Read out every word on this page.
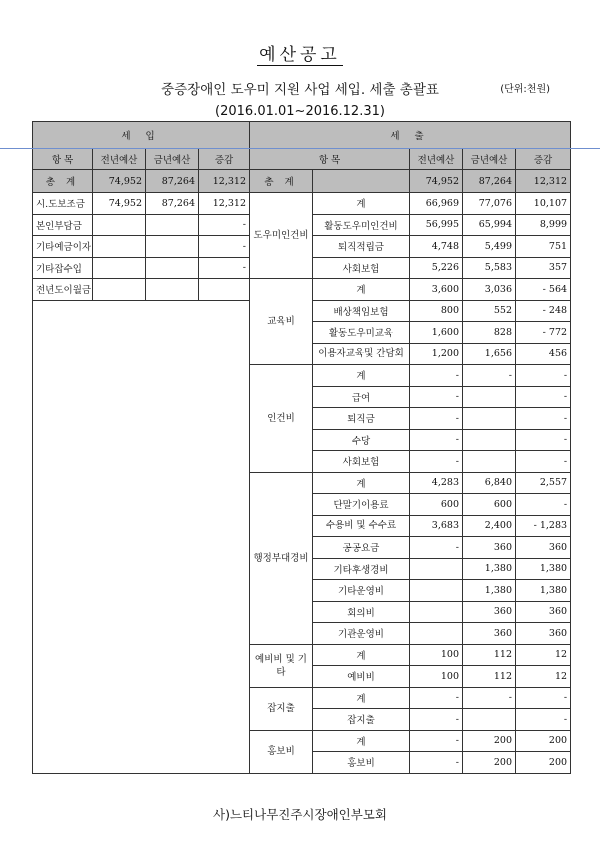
예산공고
중증장애인 도우미 지원 사업 세입. 세출 총괄표	(단위:천원)
(2016.01.01~2016.12.31)
세 입				세 출				
항 목	전년예산	금년예산	증감	항 목		전년예산	금년예산	증감
총 계	74,952	87,264	12,312	총 계		74,952	87,264	12,312
시.도보조금	74,952	87,264	12,312	도우미인건비	계	66,969	77,076	10,107
본인부담금			-		활동도우미인건비	56,995	65,994	8,999
기타예금이자			-		퇴직적립금	4,748	5,499	751
기타잡수입			-		사회보험	5,226	5,583	357
전년도이월금				교육비	계	3,600	3,036	- 564
					배상책임보험	800	552	- 248
					활동도우미교육	1,600	828	- 772
					이용자교육및 간담회	1,200	1,656	456
				인건비	계	-	-	-
					급여	-		-
					퇴직금	-		-
					수당	-		-
					사회보험	-		-
				행정부대경비	계	4,283	6,840	2,557
					단말기이용료	600	600	-
					수용비 및 수수료	3,683	2,400	- 1,283
					공공요금	-	360	360
					기타후생경비		1,380	1,380
					기타운영비		1,380	1,380
					회의비		360	360
					기관운영비		360	360
				예비비 및 기타	계	100	112	12
					예비비	100	112	12
				잡지출	계	-	-	-
					잡지출	-		-
				홍보비	계	-	200	200
					홍보비	-	200	200
사)느티나무진주시장애인부모회
